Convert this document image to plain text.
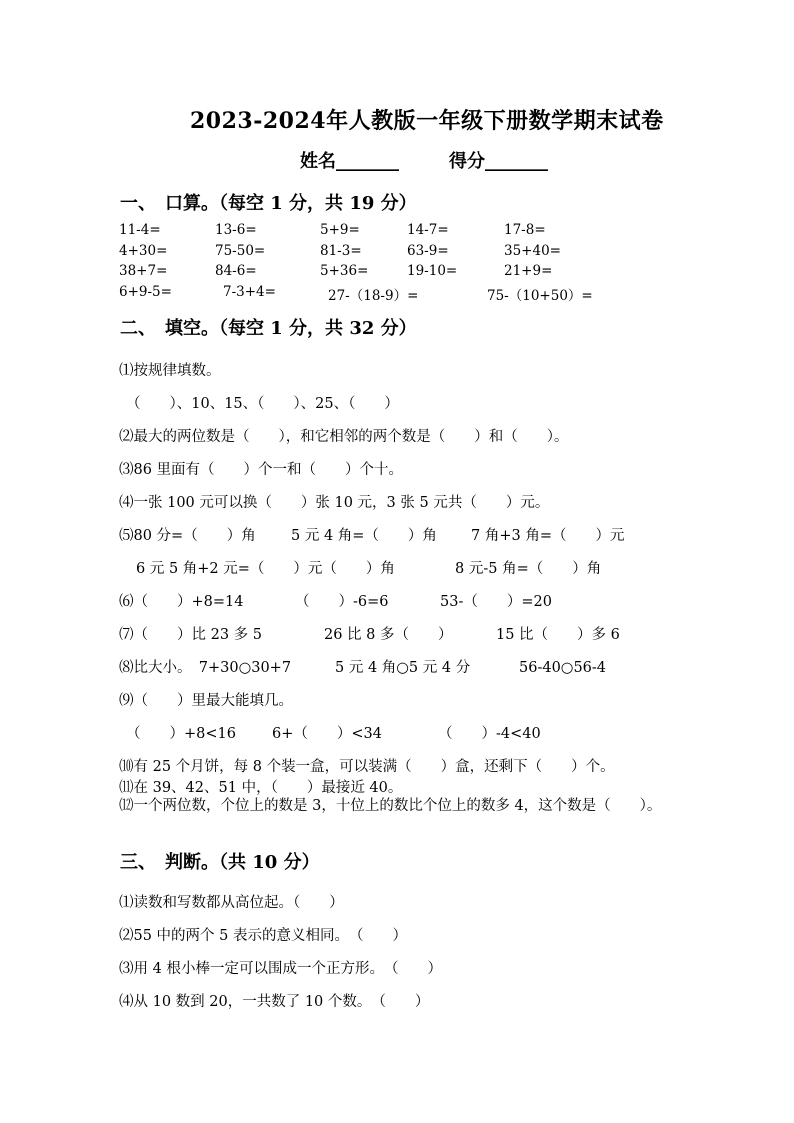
2023-2024年人教版一年级下册数学期末试卷
姓名_______	得分_______
一、　口算。（每空 1 分，共 19 分）
11-4=	13-6=	5+9=	14-7=	17-8=
4+30=	75-50=	81-3=	63-9=	35+40=
38+7=	84-6=	5+36=	19-10=	21+9=
6+9-5=	7-3+4=	27-（18-9）=	75-（10+50）=
二、　填空。（每空 1 分，共 32 分）
⑴按规律填数。
（　　）、10、15、（　　）、25、（　　）
⑵最大的两位数是（　　），和它相邻的两个数是（　　）和（　　）。
⑶86 里面有（　　）个一和（　　）个十。
⑷一张 100 元可以换（　　）张 10 元，3 张 5 元共（　　）元。
⑸80 分=（　　）角 5 元 4 角=（　　）角 7 角+3 角=（　　）元
6 元 5 角+2 元=（　　）元（　　）角	8 元-5 角=（　　）角
⑹（　　）+8=14	（　　）-6=6	53-（　　）=20
⑺（　　）比 23 多 5	26 比 8 多（　　）	15 比（　　）多 6
⑻比大小。　7+30○30+7	5 元 4 角○5 元 4 分	56-40○56-4
⑼（　　）里最大能填几。
（　　）+8<16 6+（　　）<34	（　　）-4<40
⑽有 25 个月饼，每 8 个装一盒，可以装满（　　）盒，还剩下（　　）个。
⑾在 39、42、51 中，（　　）最接近 40。
⑿一个两位数，个位上的数是 3，十位上的数比个位上的数多 4，这个数是（　　）。
三、　判断。（共 10 分）
⑴读数和写数都从高位起。（　　）
⑵55 中的两个 5 表示的意义相同。　（　　）
⑶用 4 根小棒一定可以围成一个正方形。　（　　）
⑷从 10 数到 20，一共数了 10 个数。　（　　）
